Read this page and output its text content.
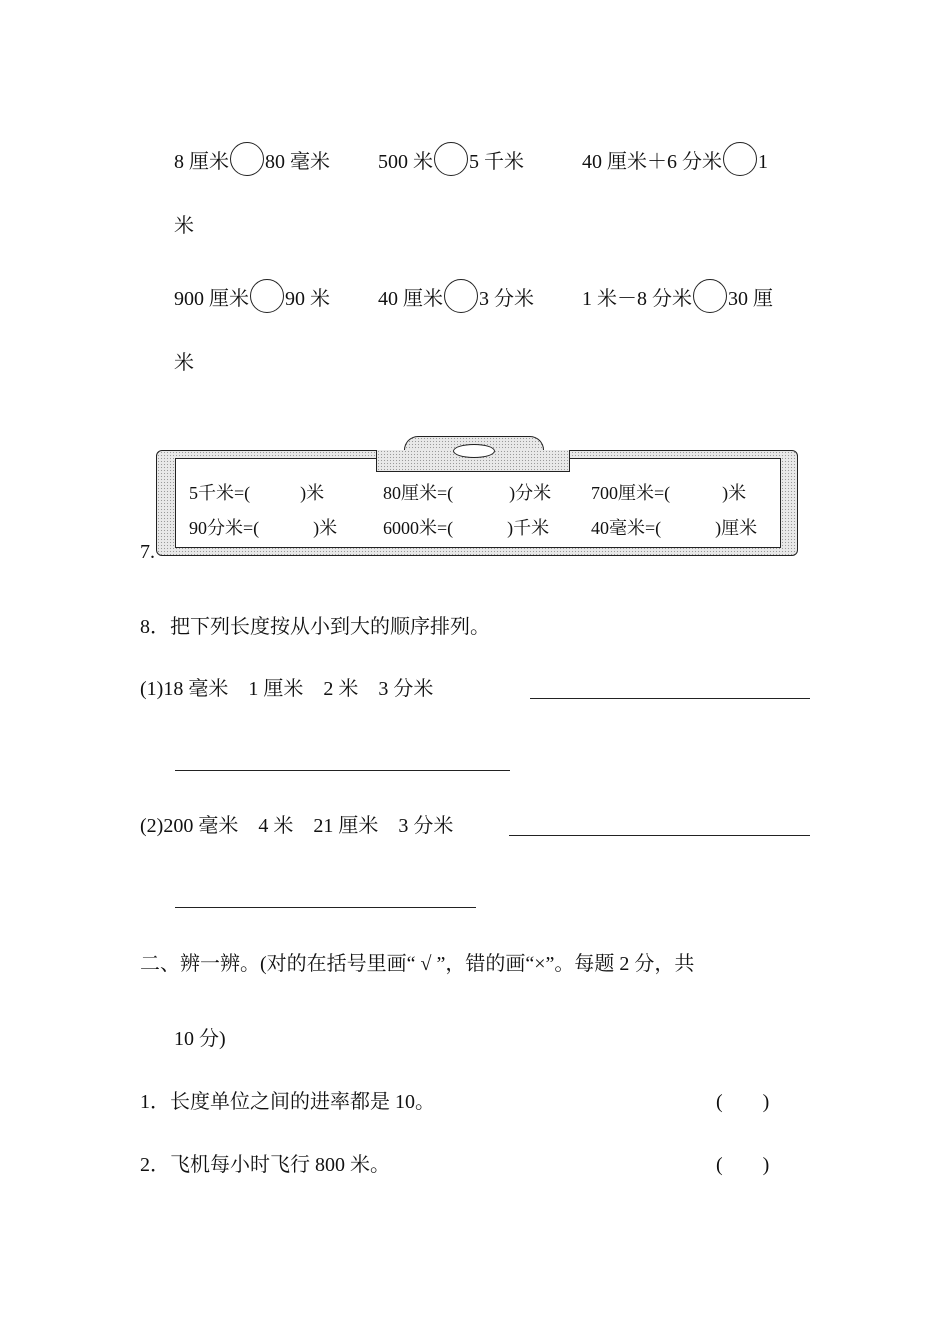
8 厘米 80 毫米 500 米 5 千米	40 厘米＋6 分米 1
米
900 厘米 90 米 40 厘米 3 分米 1 米－8 分米 30 厘
米
7.
5千米=(	)米	80厘米=(	)分米 700厘米=(	)米
90分米=(	)米	6000米=(	)千米 40毫米=(	)厘米
8．把下列长度按从小到大的顺序排列。
(1)18 毫米　1 厘米　2 米　3 分米
(2)200 毫米　4 米　21 厘米　3 分米
二、辨一辨。(对的在括号里画“ √ ”，错的画“×”。每题 2 分，共
10 分)
1．长度单位之间的进率都是 10。	(　　)
2．飞机每小时飞行 800 米。	(　　)
